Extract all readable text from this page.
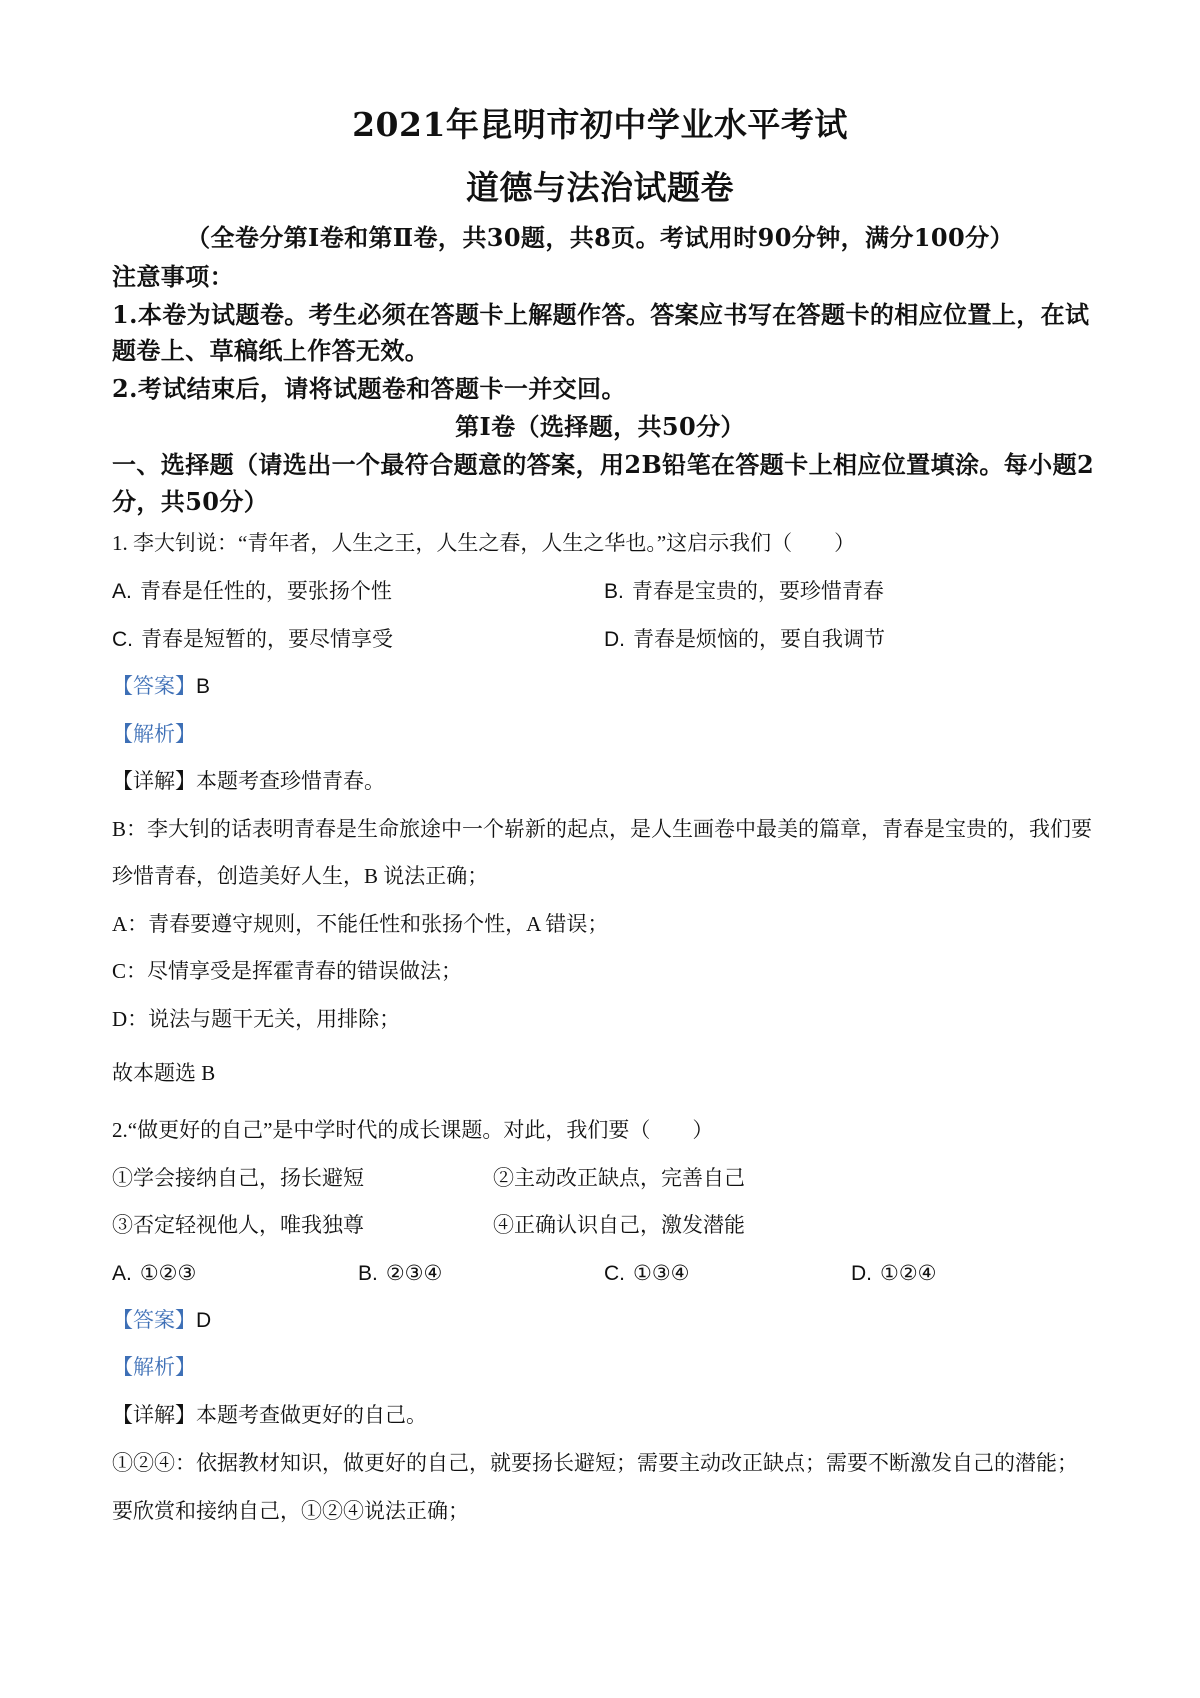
2021年昆明市初中学业水平考试
道德与法治试题卷
（全卷分第Ⅰ卷和第Ⅱ卷，共30题，共8页。考试用时90分钟，满分100分）
注意事项：
1.本卷为试题卷。考生必须在答题卡上解题作答。答案应书写在答题卡的相应位置上，在试
题卷上、草稿纸上作答无效。
2.考试结束后，请将试题卷和答题卡一并交回。
第Ⅰ卷（选择题，共50分）
一、选择题（请选出一个最符合题意的答案，用2B铅笔在答题卡上相应位置填涂。每小题2
分，共50分）
1. 李大钊说：“青年者，人生之王，人生之春，人生之华也。”这启示我们（　　）
A. 青春是任性的，要张扬个性	B. 青春是宝贵的，要珍惜青春
C. 青春是短暂的，要尽情享受	D. 青春是烦恼的，要自我调节
【答案】B
【解析】
【详解】本题考查珍惜青春。
B：李大钊的话表明青春是生命旅途中一个崭新的起点，是人生画卷中最美的篇章，青春是宝贵的，我们要
珍惜青春，创造美好人生，B 说法正确；
A：青春要遵守规则，不能任性和张扬个性，A 错误；
C：尽情享受是挥霍青春的错误做法；
D：说法与题干无关，用排除；
故本题选 B
2.“做更好的自己”是中学时代的成长课题。对此，我们要（　　）
①学会接纳自己，扬长避短	②主动改正缺点，完善自己
③否定轻视他人，唯我独尊	④正确认识自己，激发潜能
A. ①②③	B. ②③④	C. ①③④	D. ①②④
【答案】D
【解析】
【详解】本题考查做更好的自己。
①②④：依据教材知识，做更好的自己，就要扬长避短；需要主动改正缺点；需要不断激发自己的潜能；
要欣赏和接纳自己，①②④说法正确；
